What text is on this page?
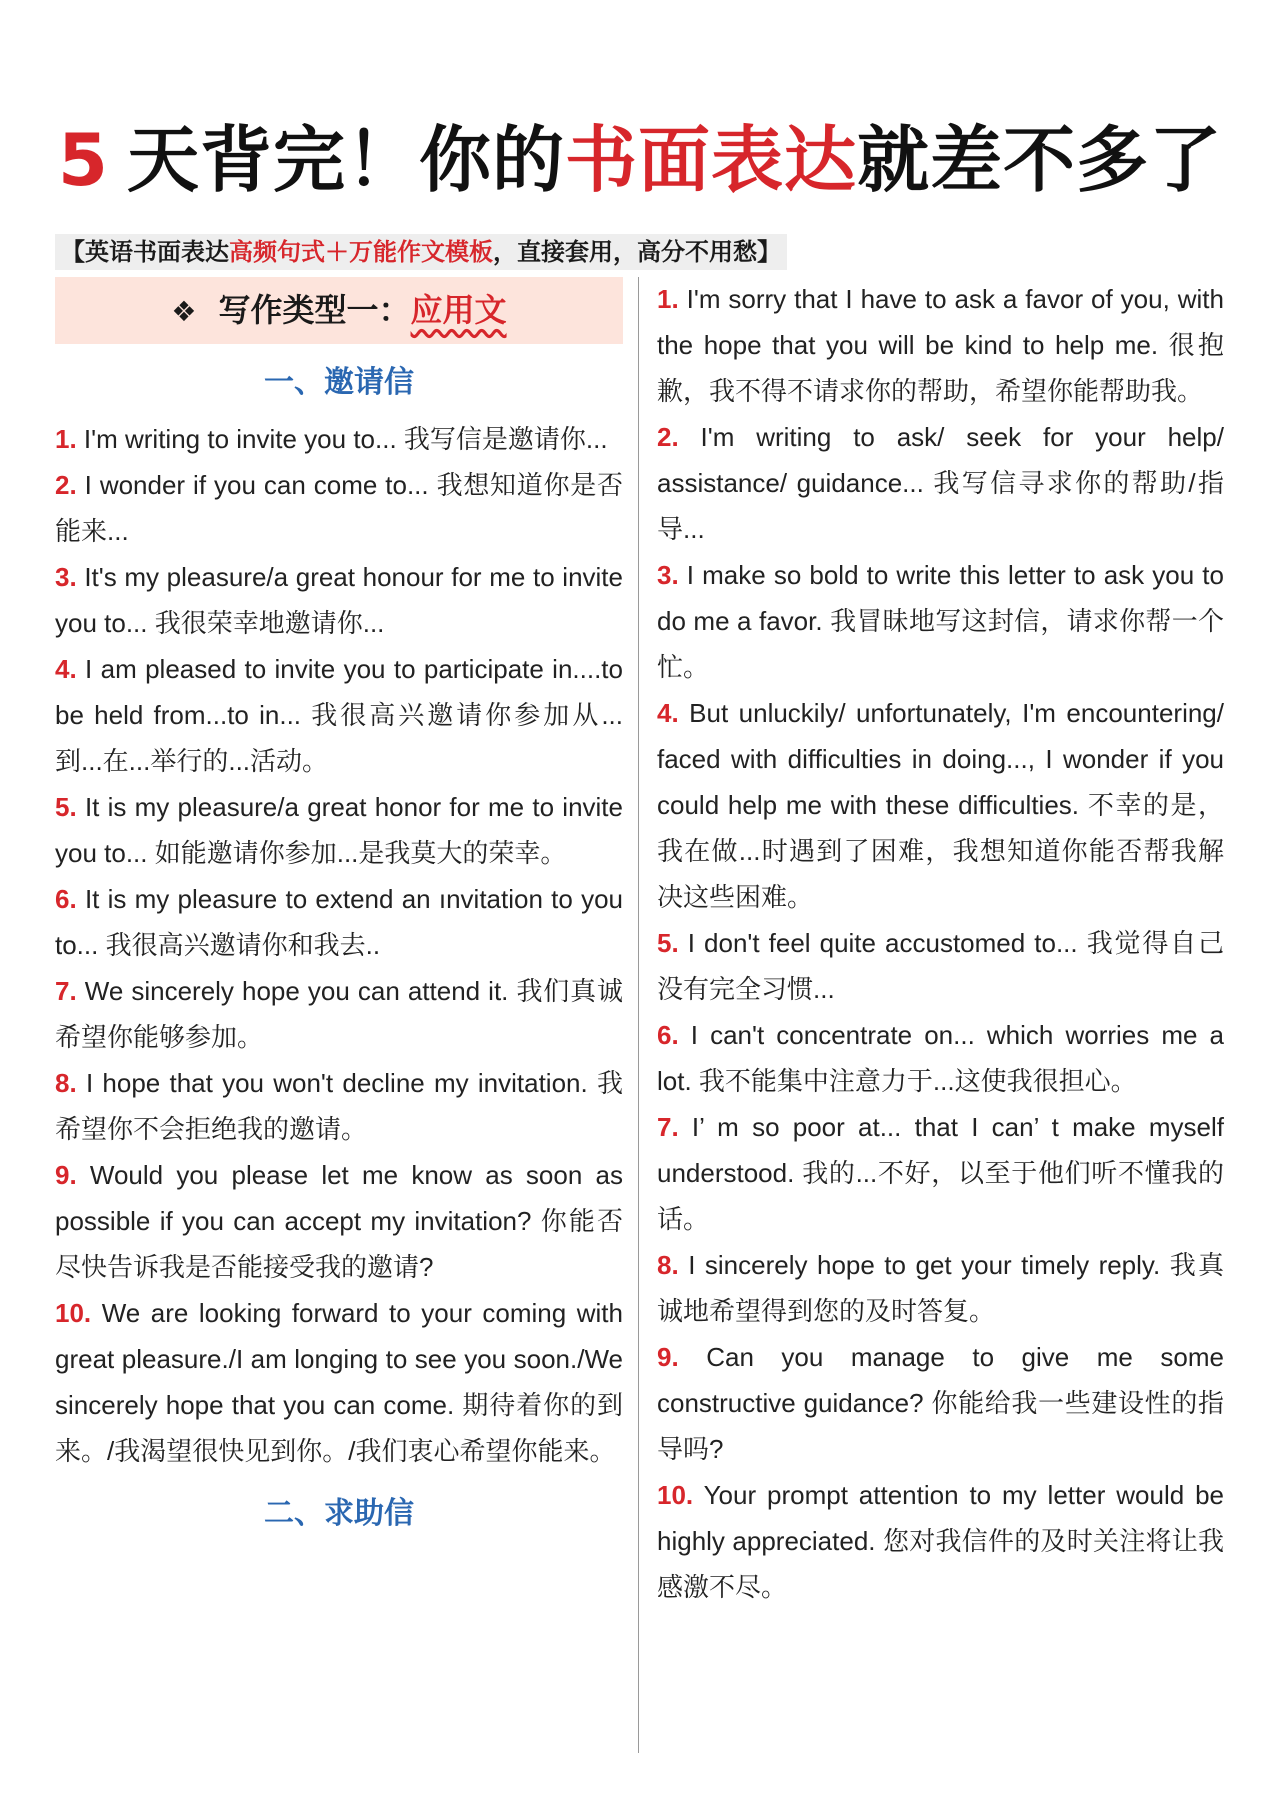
5 天背完！你的书面表达就差不多了
【英语书面表达高频句式＋万能作文模板，直接套用，高分不用愁】
❖ 写作类型一：应用文
一、邀请信

1. I'm writing to invite you to... 我写信是邀请你...

2. I wonder if you can come to... 我想知道你是否能来...

3. It's my pleasure/a great honour for me to invite you to... 我很荣幸地邀请你...

4. I am pleased to invite you to participate in....to be held from...to in... 我很高兴邀请你参加从...到...在...举行的...活动。

5. It is my pleasure/a great honor for me to invite you to... 如能邀请你参加...是我莫大的荣幸。

6. It is my pleasure to extend an ınvitation to you to... 我很高兴邀请你和我去..

7. We sincerely hope you can attend it. 我们真诚希望你能够参加。

8. I hope that you won't decline my invitation. 我希望你不会拒绝我的邀请。

9. Would you please let me know as soon as possible if you can accept my invitation? 你能否尽快告诉我是否能接受我的邀请?

10. We are looking forward to your coming with great pleasure./I am longing to see you soon./We sincerely hope that you can come. 期待着你的到来。/我渴望很快见到你。/我们衷心希望你能来。

二、求助信

1. I'm sorry that I have to ask a favor of you, with the hope that you will be kind to help me. 很抱歉，我不得不请求你的帮助，希望你能帮助我。

2. I'm writing to ask/ seek for your help/ assistance/ guidance... 我写信寻求你的帮助/指导...

3. I make so bold to write this letter to ask you to do me a favor. 我冒昧地写这封信，请求你帮一个忙。

4. But unluckily/ unfortunately, I'm encountering/ faced with difficulties in doing..., I wonder if you could help me with these difficulties. 不幸的是，我在做...时遇到了困难，我想知道你能否帮我解决这些困难。

5. I don't feel quite accustomed to... 我觉得自己没有完全习惯...

6. I can't concentrate on... which worries me a lot. 我不能集中注意力于...这使我很担心。

7. I’ m so poor at... that I can’ t make myself understood. 我的...不好，以至于他们听不懂我的话。

8. I sincerely hope to get your timely reply. 我真诚地希望得到您的及时答复。

9. Can you manage to give me some constructive guidance? 你能给我一些建设性的指导吗?

10. Your prompt attention to my letter would be highly appreciated. 您对我信件的及时关注将让我感激不尽。
